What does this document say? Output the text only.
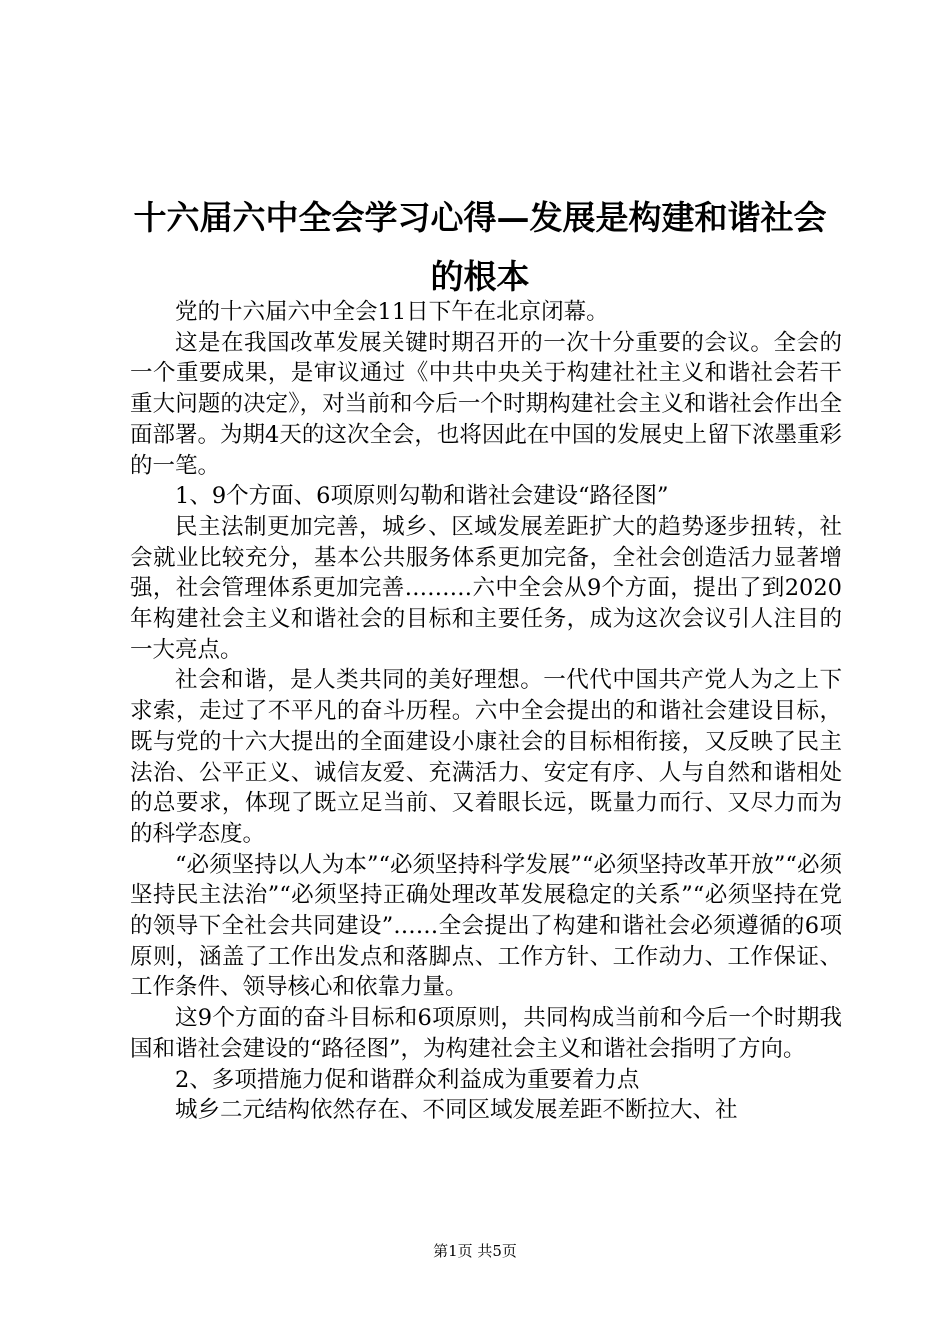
十六届六中全会学习心得—发展是构建和谐社会的根本

党的十六届六中全会11日下午在北京闭幕。

这是在我国改革发展关键时期召开的一次十分重要的会议。全会的一个重要成果，是审议通过《中共中央关于构建社社主义和谐社会若干重大问题的决定》，对当前和今后一个时期构建社会主义和谐社会作出全面部署。为期4天的这次全会，也将因此在中国的发展史上留下浓墨重彩的一笔。

1、9个方面、6项原则勾勒和谐社会建设“路径图”

民主法制更加完善，城乡、区域发展差距扩大的趋势逐步扭转，社会就业比较充分，基本公共服务体系更加完备，全社会创造活力显著增强，社会管理体系更加完善………六中全会从9个方面，提出了到2020年构建社会主义和谐社会的目标和主要任务，成为这次会议引人注目的一大亮点。

社会和谐，是人类共同的美好理想。一代代中国共产党人为之上下求索，走过了不平凡的奋斗历程。六中全会提出的和谐社会建设目标，既与党的十六大提出的全面建设小康社会的目标相衔接，又反映了民主法治、公平正义、诚信友爱、充满活力、安定有序、人与自然和谐相处的总要求，体现了既立足当前、又着眼长远，既量力而行、又尽力而为的科学态度。

“必须坚持以人为本”“必须坚持科学发展”“必须坚持改革开放”“必须坚持民主法治”“必须坚持正确处理改革发展稳定的关系”“必须坚持在党的领导下全社会共同建设”……全会提出了构建和谐社会必须遵循的6项原则，涵盖了工作出发点和落脚点、工作方针、工作动力、工作保证、工作条件、领导核心和依靠力量。

这9个方面的奋斗目标和6项原则，共同构成当前和今后一个时期我国和谐社会建设的“路径图”，为构建社会主义和谐社会指明了方向。

2、多项措施力促和谐群众利益成为重要着力点

城乡二元结构依然存在、不同区域发展差距不断拉大、社

第1页 共5页
